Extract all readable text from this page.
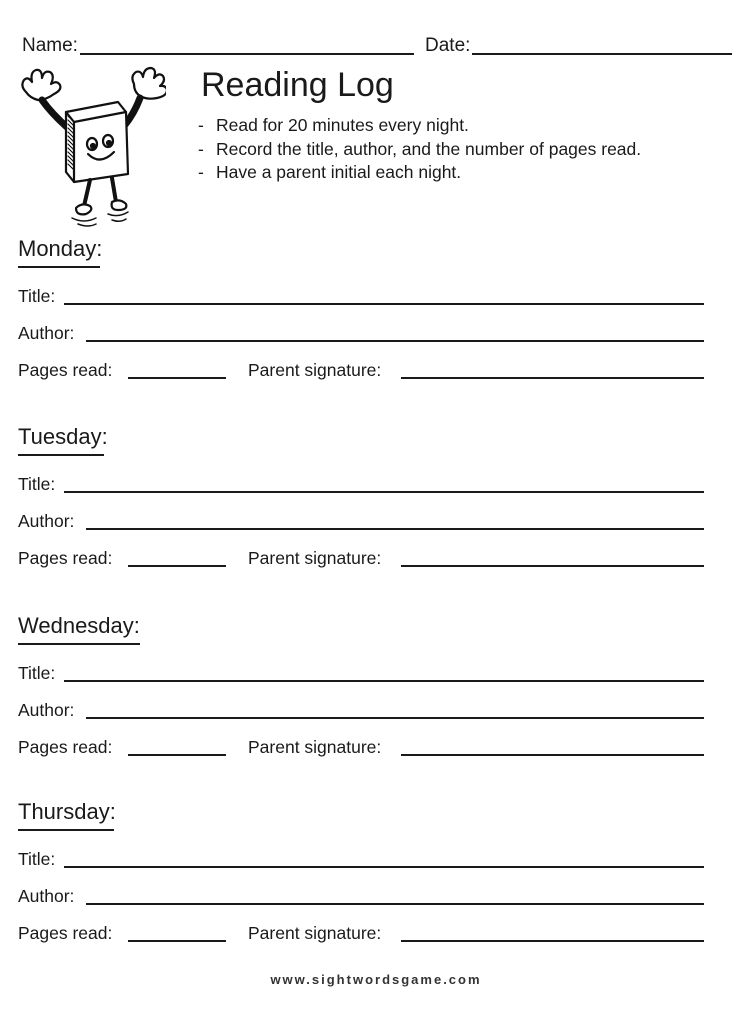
Name:	Date:
Reading Log
- Read for 20 minutes every night.
- Record the title, author, and the number of pages read.
- Have a parent initial each night.
Monday:
Title:
Author:
Pages read:	Parent signature:
Tuesday:
Title:
Author:
Pages read:	Parent signature:
Wednesday:
Title:
Author:
Pages read:	Parent signature:
Thursday:
Title:
Author:
Pages read:	Parent signature:
www.sightwordsgame.com
